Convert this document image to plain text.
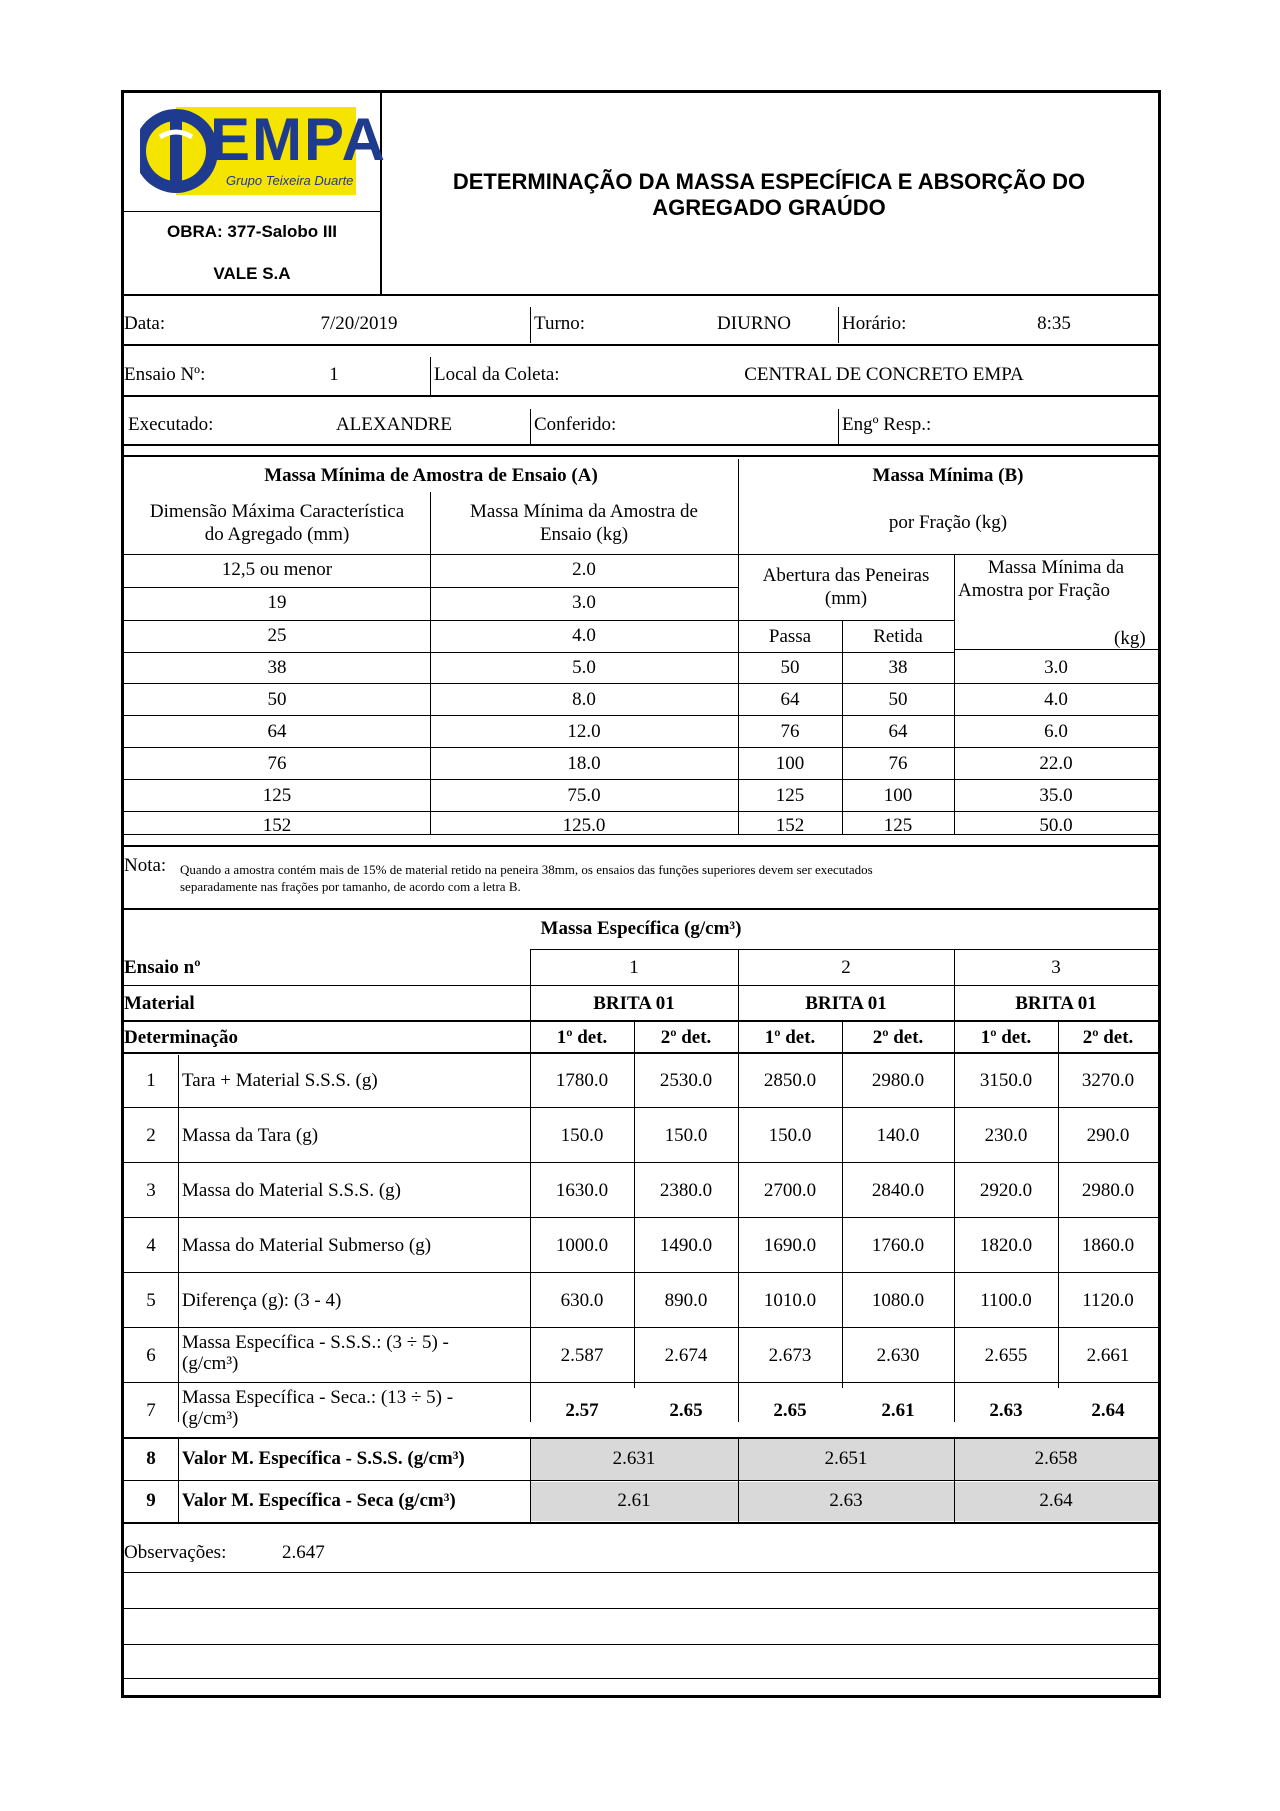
EMPA
Grupo Teixeira Duarte
OBRA: 377-Salobo III
VALE S.A
DETERMINAÇÃO DA MASSA ESPECÍFICA E ABSORÇÃO DO
AGREGADO GRAÚDO
Data:	7/20/2019	Turno:	DIURNO	Horário:	8:35
Ensaio Nº:	1	Local da Coleta:	CENTRAL DE CONCRETO EMPA
Executado:	ALEXANDRE	Conferido:	Engº Resp.:
Massa Mínima de Amostra de Ensaio (A)
Dimensão Máxima Característica
do Agregado (mm)
Massa Mínima da Amostra de
Ensaio (kg)
Massa Mínima (B)
por Fração (kg)
Abertura das Peneiras
(mm)
Passa	Retida
Massa Mínima da
Amostra por Fração
(kg)
12,5 ou menor	2.0
19	3.0
25	4.0
38	5.0
50	8.0
64	12.0
76	18.0
125	75.0
152	125.0
50	38	3.0
64	50	4.0
76	64	6.0
100	76	22.0
125	100	35.0
152	125	50.0
Nota: Quando a amostra contém mais de 15% de material retido na peneira 38mm, os ensaios das funções superiores devem ser executados
separadamente nas frações por tamanho, de acordo com a letra B.
Massa Específica (g/cm³)
Ensaio nº	1	2	3
Material	BRITA 01	BRITA 01	BRITA 01
Determinação	1º det.	2º det.	1º det.	2º det.	1º det.	2º det.
1	Tara + Material S.S.S. (g)	1780.0	2530.0	2850.0	2980.0	3150.0	3270.0
2	Massa da Tara (g)	150.0	150.0	150.0	140.0	230.0	290.0
3	Massa do Material S.S.S. (g)	1630.0	2380.0	2700.0	2840.0	2920.0	2980.0
4	Massa do Material Submerso (g)	1000.0	1490.0	1690.0	1760.0	1820.0	1860.0
5	Diferença (g): (3 - 4)	630.0	890.0	1010.0	1080.0	1100.0	1120.0
6
Massa Específica - S.S.S.: (3 ÷ 5) -
(g/cm³)	2.587	2.674	2.673	2.630	2.655	2.661
7
Massa Específica - Seca.: (13 ÷ 5) -
(g/cm³)	2.57	2.65	2.65	2.61	2.63	2.64
8	Valor M. Específica - S.S.S. (g/cm³)	2.631	2.651	2.658
9	Valor M. Específica - Seca (g/cm³)	2.61	2.63	2.64
Observações:	2.647
